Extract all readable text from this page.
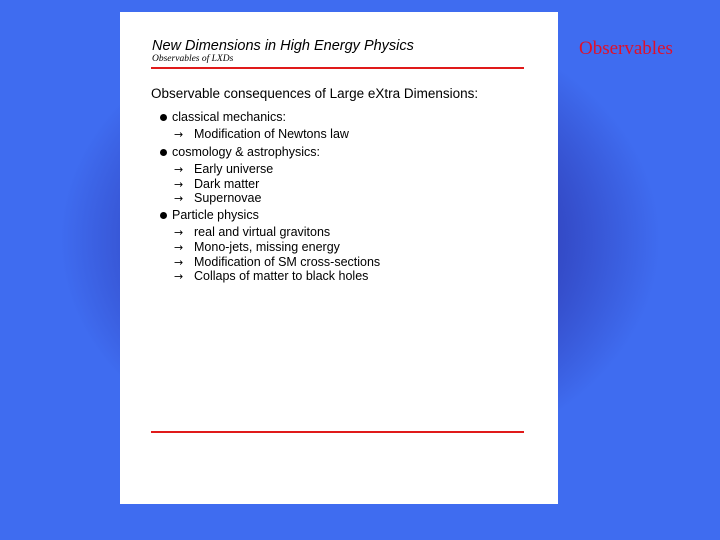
Observables
New Dimensions in High Energy Physics
Observables of LXDs
Observable consequences of Large eXtra Dimensions:
classical mechanics:
→ Modification of Newtons law
cosmology & astrophysics:
→ Early universe
→ Dark matter
→ Supernovae
Particle physics
→ real and virtual gravitons
→ Mono-jets, missing energy
→ Modification of SM cross-sections
→ Collaps of matter to black holes
